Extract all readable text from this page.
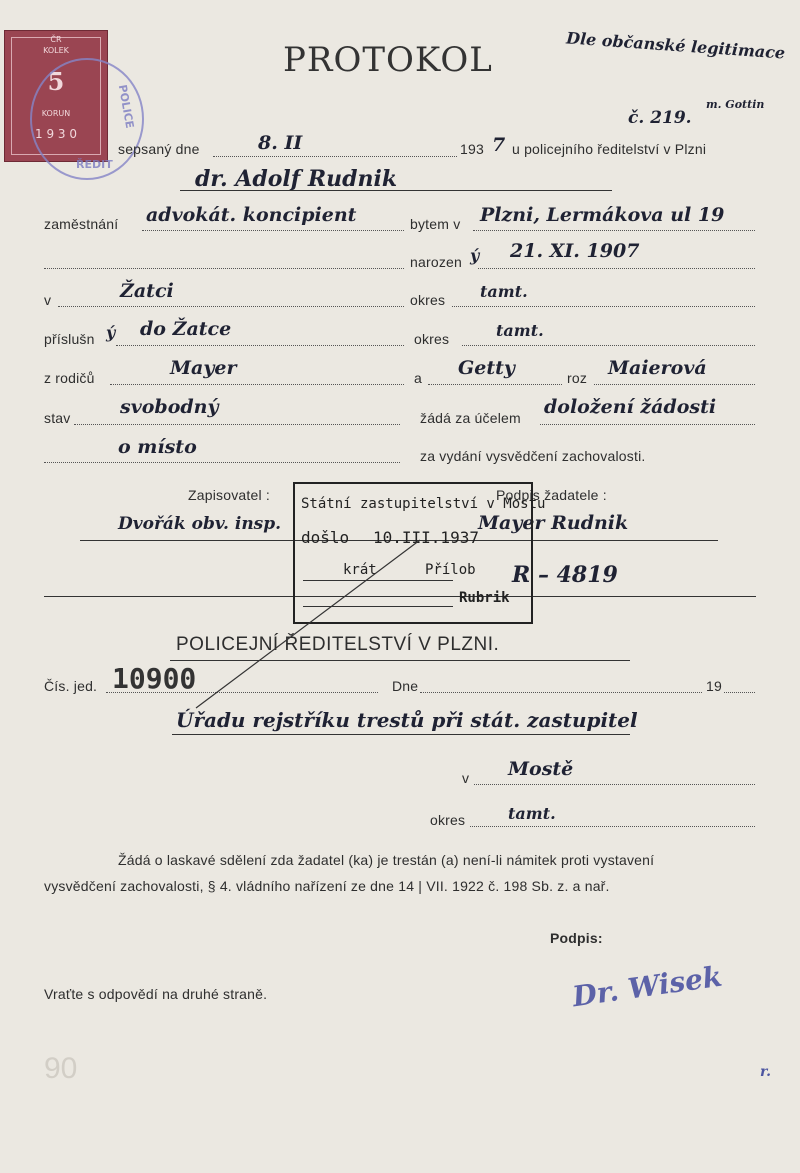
ČR
KOLEK
5
KORUN
1 9 3 0
POLICE
ŘEDIT
PROTOKOL	Dle občanské legitimace
č. 219.
m. Gottin
sepsaný dne	8. II	193 7 u policejního ředitelství v Plzni
dr. Adolf Rudnik
zaměstnání advokát. koncipient	bytem v Plzni, Lermákova ul 19
narozen ý 21. XI. 1907
v	Žatci	okres tamt.
příslušn ý do Žatce	okres	tamt.
z rodičů	Mayer	a Getty	roz Maierová
stav	svobodný	žádá za účelem doložení žádosti
o místo	za vydání vysvědčení zachovalosti.
Zapisovatel :	Podpis žadatele :
Dvořák obv. insp.	Mayer Rudnik
R – 4819
Státní zastupitelství v Mostu
došlo 10.III.1937
krát	Přílob
Rubrik
POLICEJNÍ ŘEDITELSTVÍ V PLZNI.
Čís. jed. 10900	Dne	19
Úřadu rejstříku trestů při stát. zastupitel
v Mostě
okres	tamt.
Žádá o laskavé sdělení zda žadatel (ka) je trestán (a) není-li námitek proti vystavení
vysvědčení zachovalosti, § 4. vládního nařízení ze dne 14 | VII. 1922 č. 198 Sb. z. a nař.
Podpis:
Dr. Wisek
Vraťte s odpovědí na druhé straně.
90	r.
